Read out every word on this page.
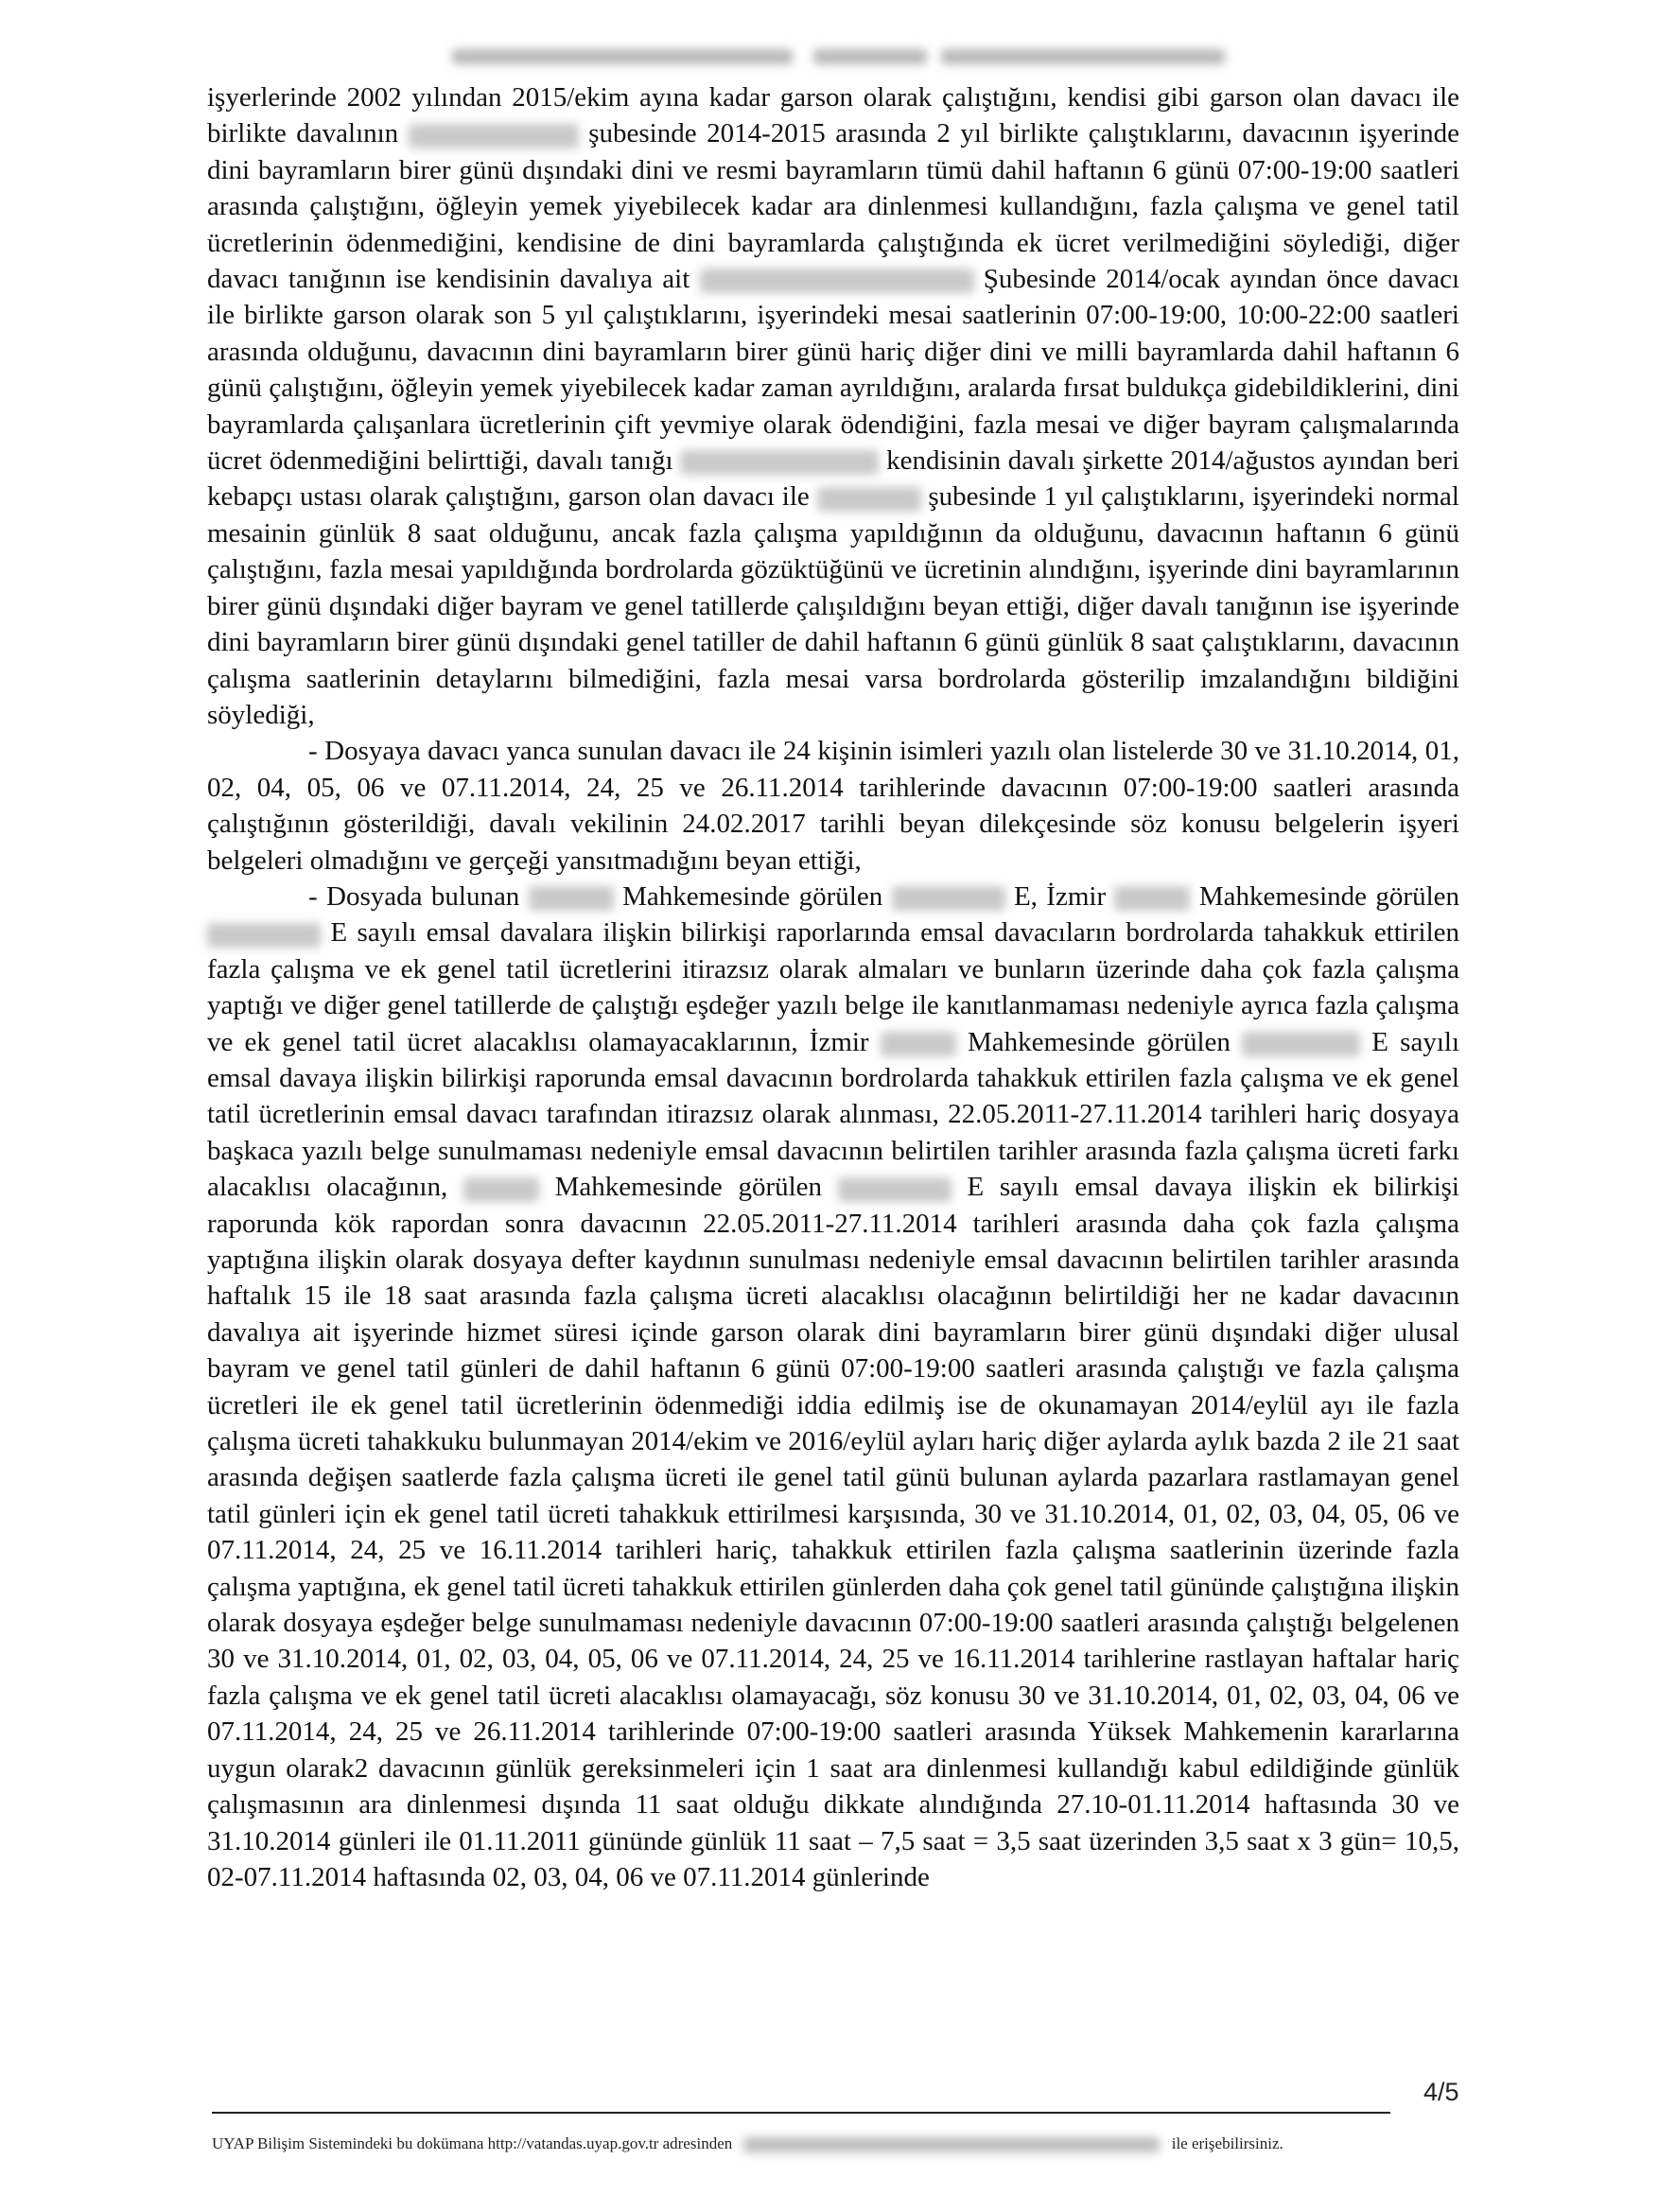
işyerlerinde 2002 yılından 2015/ekim ayına kadar garson olarak çalıştığını, kendisi gibi garson olan davacı ile birlikte davalının	şubesinde 2014-2015 arasında 2 yıl birlikte çalıştıklarını, davacının işyerinde dini bayramların birer günü dışındaki dini ve resmi bayramların tümü dahil haftanın 6 günü 07:00-19:00 saatleri arasında çalıştığını, öğleyin yemek yiyebilecek kadar ara dinlenmesi kullandığını, fazla çalışma ve genel tatil ücretlerinin ödenmediğini, kendisine de dini bayramlarda çalıştığında ek ücret verilmediğini söylediği, diğer davacı tanığının ise kendisinin davalıya ait	Şubesinde 2014/ocak ayından önce davacı ile birlikte garson olarak son 5 yıl çalıştıklarını, işyerindeki mesai saatlerinin 07:00-19:00, 10:00-22:00 saatleri arasında olduğunu, davacının dini bayramların birer günü hariç diğer dini ve milli bayramlarda dahil haftanın 6 günü çalıştığını, öğleyin yemek yiyebilecek kadar zaman ayrıldığını, aralarda fırsat buldukça gidebildiklerini, dini bayramlarda çalışanlara ücretlerinin çift yevmiye olarak ödendiğini, fazla mesai ve diğer bayram çalışmalarında ücret ödenmediğini belirttiği, davalı tanığı	kendisinin davalı şirkette 2014/ağustos ayından beri kebapçı ustası olarak çalıştığını, garson olan davacı ile	şubesinde 1 yıl çalıştıklarını, işyerindeki normal mesainin günlük 8 saat olduğunu, ancak fazla çalışma yapıldığının da olduğunu, davacının haftanın 6 günü çalıştığını, fazla mesai yapıldığında bordrolarda gözüktüğünü ve ücretinin alındığını, işyerinde dini bayramlarının birer günü dışındaki diğer bayram ve genel tatillerde çalışıldığını beyan ettiği, diğer davalı tanığının ise işyerinde dini bayramların birer günü dışındaki genel tatiller de dahil haftanın 6 günü günlük 8 saat çalıştıklarını, davacının çalışma saatlerinin detaylarını bilmediğini, fazla mesai varsa bordrolarda gösterilip imzalandığını bildiğini söylediği,

- Dosyaya davacı yanca sunulan davacı ile 24 kişinin isimleri yazılı olan listelerde 30 ve 31.10.2014, 01, 02, 04, 05, 06 ve 07.11.2014, 24, 25 ve 26.11.2014 tarihlerinde davacının 07:00-19:00 saatleri arasında çalıştığının gösterildiği, davalı vekilinin 24.02.2017 tarihli beyan dilekçesinde söz konusu belgelerin işyeri belgeleri olmadığını ve gerçeği yansıtmadığını beyan ettiği,

- Dosyada bulunan	Mahkemesinde görülen	E, İzmir	Mahkemesinde görülen  E sayılı emsal davalara ilişkin bilirkişi raporlarında emsal davacıların bordrolarda tahakkuk ettirilen fazla çalışma ve ek genel tatil ücretlerini itirazsız olarak almaları ve bunların üzerinde daha çok fazla çalışma yaptığı ve diğer genel tatillerde de çalıştığı eşdeğer yazılı belge ile kanıtlanmaması nedeniyle ayrıca fazla çalışma ve ek genel tatil ücret alacaklısı olamayacaklarının, İzmir	Mahkemesinde görülen	E sayılı emsal davaya ilişkin bilirkişi raporunda emsal davacının bordrolarda tahakkuk ettirilen fazla çalışma ve ek genel tatil ücretlerinin emsal davacı tarafından itirazsız olarak alınması, 22.05.2011-27.11.2014 tarihleri hariç dosyaya başkaca yazılı belge sunulmaması nedeniyle emsal davacının belirtilen tarihler arasında fazla çalışma ücreti farkı alacaklısı olacağının,	Mahkemesinde görülen	E sayılı emsal davaya ilişkin ek bilirkişi raporunda kök rapordan sonra davacının 22.05.2011-27.11.2014 tarihleri arasında daha çok fazla çalışma yaptığına ilişkin olarak dosyaya defter kaydının sunulması nedeniyle emsal davacının belirtilen tarihler arasında haftalık 15 ile 18 saat arasında fazla çalışma ücreti alacaklısı olacağının belirtildiği her ne kadar davacının davalıya ait işyerinde hizmet süresi içinde garson olarak dini bayramların birer günü dışındaki diğer ulusal bayram ve genel tatil günleri de dahil haftanın 6 günü 07:00-19:00 saatleri arasında çalıştığı ve fazla çalışma ücretleri ile ek genel tatil ücretlerinin ödenmediği iddia edilmiş ise de okunamayan 2014/eylül ayı ile fazla çalışma ücreti tahakkuku bulunmayan 2014/ekim ve 2016/eylül ayları hariç diğer aylarda aylık bazda 2 ile 21 saat arasında değişen saatlerde fazla çalışma ücreti ile genel tatil günü bulunan aylarda pazarlara rastlamayan genel tatil günleri için ek genel tatil ücreti tahakkuk ettirilmesi karşısında, 30 ve 31.10.2014, 01, 02, 03, 04, 05, 06 ve 07.11.2014, 24, 25 ve 16.11.2014 tarihleri hariç, tahakkuk ettirilen fazla çalışma saatlerinin üzerinde fazla çalışma yaptığına, ek genel tatil ücreti tahakkuk ettirilen günlerden daha çok genel tatil gününde çalıştığına ilişkin olarak dosyaya eşdeğer belge sunulmaması nedeniyle davacının 07:00-19:00 saatleri arasında çalıştığı belgelenen 30 ve 31.10.2014, 01, 02, 03, 04, 05, 06 ve 07.11.2014, 24, 25 ve 16.11.2014 tarihlerine rastlayan haftalar hariç fazla çalışma ve ek genel tatil ücreti alacaklısı olamayacağı, söz konusu 30 ve 31.10.2014, 01, 02, 03, 04, 06 ve 07.11.2014, 24, 25 ve 26.11.2014 tarihlerinde 07:00-19:00 saatleri arasında Yüksek Mahkemenin kararlarına uygun olarak2 davacının günlük gereksinmeleri için 1 saat ara dinlenmesi kullandığı kabul edildiğinde günlük çalışmasının ara dinlenmesi dışında 11 saat olduğu dikkate alındığında 27.10-01.11.2014 haftasında 30 ve 31.10.2014 günleri ile 01.11.2011 gününde günlük 11 saat – 7,5 saat = 3,5 saat üzerinden 3,5 saat x 3 gün= 10,5, 02-07.11.2014 haftasında 02, 03, 04, 06 ve 07.11.2014 günlerinde

4/5
UYAP Bilişim Sistemindeki bu dokümana http://vatandas.uyap.gov.tr adresinden	ile erişebilirsiniz.
